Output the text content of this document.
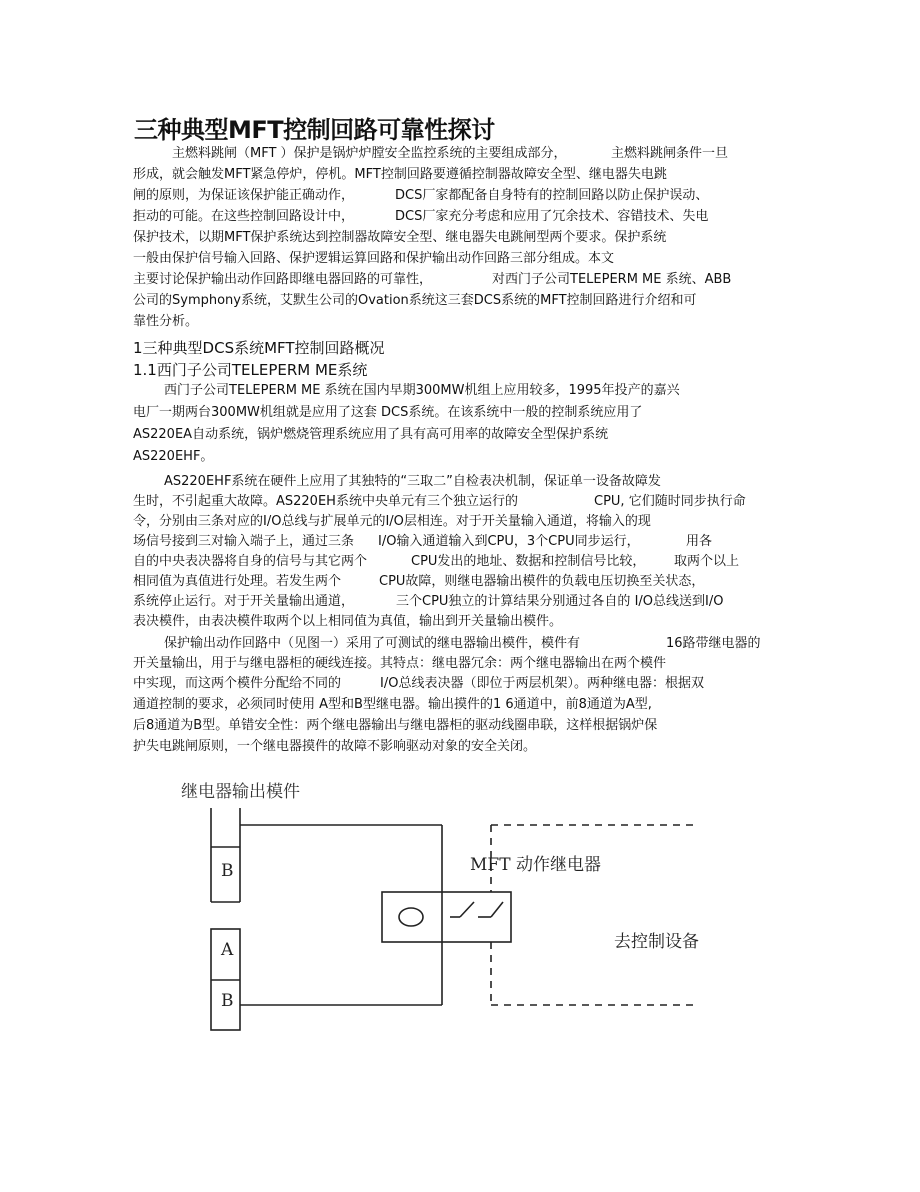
三种典型MFT控制回路可靠性探讨
主燃料跳闸（MFT ）保护是锅炉炉膛安全监控系统的主要组成部分，	主燃料跳闸条件一旦
形成，就会触发MFT紧急停炉，停机。MFT控制回路要遵循控制器故障安全型、继电器失电跳
闸的原则，为保证该保护能正确动作，	DCS厂家都配备自身特有的控制回路以防止保护误动、
拒动的可能。在这些控制回路设计中，	DCS厂家充分考虑和应用了冗余技术、容错技术、失电
保护技术，以期MFT保护系统达到控制器故障安全型、继电器失电跳闸型两个要求。保护系统
一般由保护信号输入回路、保护逻辑运算回路和保护输出动作回路三部分组成。本文
主要讨论保护输出动作回路即继电器回路的可靠性，	对西门子公司TELEPERM ME 系统、ABB
公司的Symphony系统，艾默生公司的Ovation系统这三套DCS系统的MFT控制回路进行介绍和可
靠性分析。
1三种典型DCS系统MFT控制回路概况
1.1西门子公司TELEPERM ME系统
西门子公司TELEPERM ME 系统在国内早期300MW机组上应用较多，1995年投产的嘉兴
电厂一期两台300MW机组就是应用了这套 DCS系统。在该系统中一般的控制系统应用了
AS220EA自动系统，锅炉燃烧管理系统应用了具有高可用率的故障安全型保护系统
AS220EHF。
AS220EHF系统在硬件上应用了其独特的“三取二”自检表决机制，保证单一设备故障发
生时，不引起重大故障。AS220EH系统中央单元有三个独立运行的	CPU, 它们随时同步执行命
令，分别由三条对应的I/O总线与扩展单元的I/O层相连。对于开关量输入通道，将输入的现
场信号接到三对输入端子上，通过三条 I/O输入通道输入到CPU，3个CPU同步运行，	用各
自的中央表决器将自身的信号与其它两个	CPU发出的地址、数据和控制信号比较， 取两个以上
相同值为真值进行处理。若发生两个	CPU故障，则继电器输出模件的负载电压切换至关状态，
系统停止运行。对于开关量输出通道，	三个CPU独立的计算结果分别通过各自的 I/O总线送到I/O
表决模件，由表决模件取两个以上相同值为真值，输出到开关量输出模件。
保护输出动作回路中（见图一）采用了可测试的继电器输出模件，模件有	16路带继电器的
开关量输出，用于与继电器柜的硬线连接。其特点：继电器冗余：两个继电器输出在两个模件
中实现，而这两个模件分配给不同的	I/O总线表决器（即位于两层机架）。两种继电器：根据双
通道控制的要求，必须同时使用 A型和B型继电器。输出摸件的1 6通道中，前8通道为A型,
后8通道为B型。单错安全性：两个继电器输出与继电器柜的驱动线圈串联，这样根据锅炉保
护失电跳闸原则，一个继电器摸件的故障不影响驱动对象的安全关闭。
继电器输出模件
B
A
B
MFT 动作继电器
去控制设备
